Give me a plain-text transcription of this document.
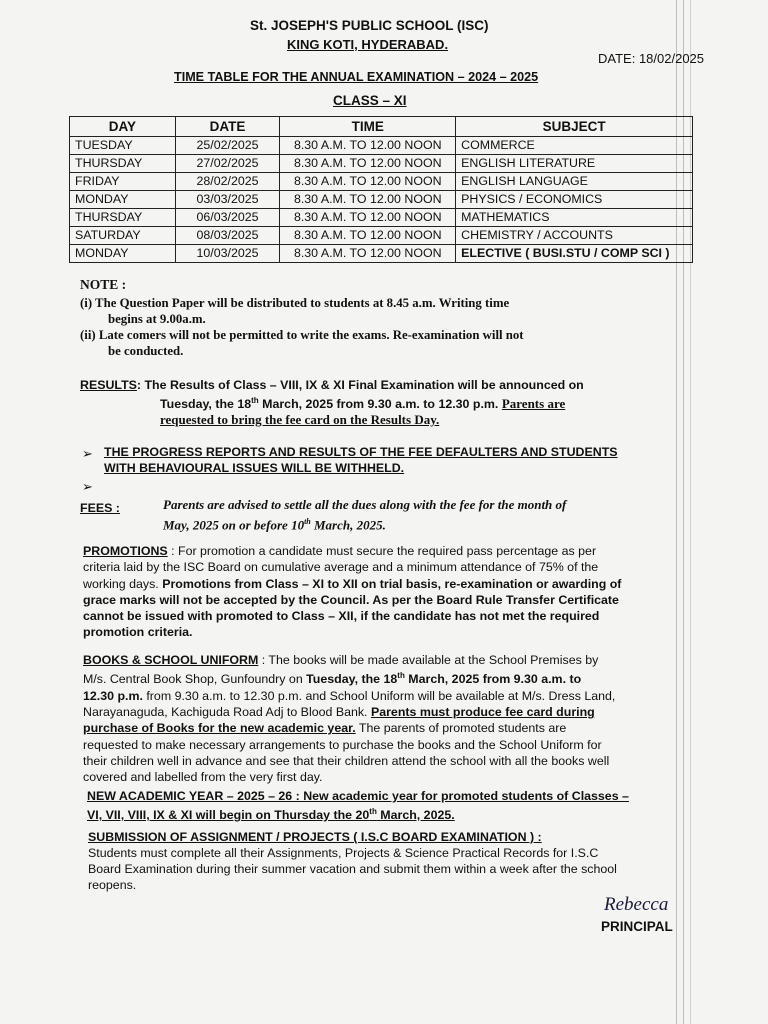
St. JOSEPH'S PUBLIC SCHOOL (ISC)
KING KOTI, HYDERABAD.
DATE: 18/02/2025
TIME TABLE FOR THE ANNUAL EXAMINATION – 2024 – 2025
CLASS – XI
DAY	DATE	TIME	SUBJECT
TUESDAY	25/02/2025	8.30 A.M. TO 12.00 NOON	COMMERCE
THURSDAY	27/02/2025	8.30 A.M. TO 12.00 NOON	ENGLISH LITERATURE
FRIDAY	28/02/2025	8.30 A.M. TO 12.00 NOON	ENGLISH LANGUAGE
MONDAY	03/03/2025	8.30 A.M. TO 12.00 NOON	PHYSICS / ECONOMICS
THURSDAY	06/03/2025	8.30 A.M. TO 12.00 NOON	MATHEMATICS
SATURDAY	08/03/2025	8.30 A.M. TO 12.00 NOON	CHEMISTRY / ACCOUNTS
MONDAY	10/03/2025	8.30 A.M. TO 12.00 NOON	ELECTIVE ( BUSI.STU / COMP SCI )
NOTE :
(i) The Question Paper will be distributed to students at 8.45 a.m. Writing time
begins at 9.00a.m.
(ii) Late comers will not be permitted to write the exams. Re-examination will not
be conducted.
RESULTS: The Results of Class – VIII, IX & XI Final Examination will be announced on
Tuesday, the 18th March, 2025 from 9.30 a.m. to 12.30 p.m. Parents are
requested to bring the fee card on the Results Day.
➢ THE PROGRESS REPORTS AND RESULTS OF THE FEE DEFAULTERS AND STUDENTS
WITH BEHAVIOURAL ISSUES WILL BE WITHHELD.
➢
FEES :	Parents are advised to settle all the dues along with the fee for the month of
May, 2025 on or before 10th March, 2025.
PROMOTIONS : For promotion a candidate must secure the required pass percentage as per
criteria laid by the ISC Board on cumulative average and a minimum attendance of 75% of the
working days. Promotions from Class – XI to XII on trial basis, re-examination or awarding of
grace marks will not be accepted by the Council. As per the Board Rule Transfer Certificate
cannot be issued with promoted to Class – XII, if the candidate has not met the required
promotion criteria.
BOOKS & SCHOOL UNIFORM : The books will be made available at the School Premises by
M/s. Central Book Shop, Gunfoundry on Tuesday, the 18th March, 2025 from 9.30 a.m. to
12.30 p.m. from 9.30 a.m. to 12.30 p.m. and School Uniform will be available at M/s. Dress Land,
Narayanaguda, Kachiguda Road Adj to Blood Bank. Parents must produce fee card during
purchase of Books for the new academic year. The parents of promoted students are
requested to make necessary arrangements to purchase the books and the School Uniform for
their children well in advance and see that their children attend the school with all the books well
covered and labelled from the very first day.
NEW ACADEMIC YEAR – 2025 – 26 : New academic year for promoted students of Classes –
VI, VII, VIII, IX & XI will begin on Thursday the 20th March, 2025.
SUBMISSION OF ASSIGNMENT / PROJECTS ( I.S.C BOARD EXAMINATION ) :
Students must complete all their Assignments, Projects & Science Practical Records for I.S.C
Board Examination during their summer vacation and submit them within a week after the school
reopens.
Rebecca
PRINCIPAL
